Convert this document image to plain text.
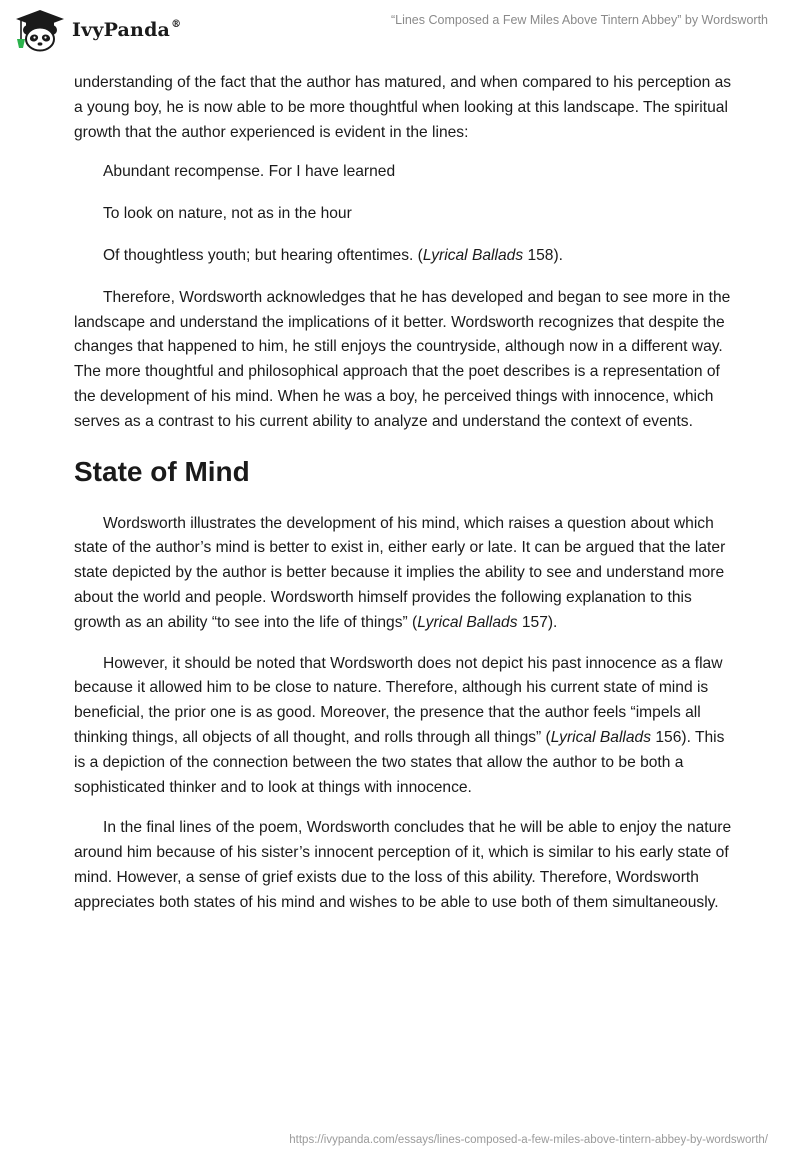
IvyPanda®	“Lines Composed a Few Miles Above Tintern Abbey” by Wordsworth

understanding of the fact that the author has matured, and when compared to his perception as a young boy, he is now able to be more thoughtful when looking at this landscape. The spiritual growth that the author experienced is evident in the lines:

Abundant recompense. For I have learned

To look on nature, not as in the hour

Of thoughtless youth; but hearing oftentimes. (Lyrical Ballads 158).

Therefore, Wordsworth acknowledges that he has developed and began to see more in the landscape and understand the implications of it better. Wordsworth recognizes that despite the changes that happened to him, he still enjoys the countryside, although now in a different way. The more thoughtful and philosophical approach that the poet describes is a representation of the development of his mind. When he was a boy, he perceived things with innocence, which serves as a contrast to his current ability to analyze and understand the context of events.

State of Mind

Wordsworth illustrates the development of his mind, which raises a question about which state of the author’s mind is better to exist in, either early or late. It can be argued that the later state depicted by the author is better because it implies the ability to see and understand more about the world and people. Wordsworth himself provides the following explanation to this growth as an ability “to see into the life of things” (Lyrical Ballads 157).

However, it should be noted that Wordsworth does not depict his past innocence as a flaw because it allowed him to be close to nature. Therefore, although his current state of mind is beneficial, the prior one is as good. Moreover, the presence that the author feels “impels all thinking things, all objects of all thought, and rolls through all things” (Lyrical Ballads 156). This is a depiction of the connection between the two states that allow the author to be both a sophisticated thinker and to look at things with innocence.

In the final lines of the poem, Wordsworth concludes that he will be able to enjoy the nature around him because of his sister’s innocent perception of it, which is similar to his early state of mind. However, a sense of grief exists due to the loss of this ability. Therefore, Wordsworth appreciates both states of his mind and wishes to be able to use both of them simultaneously.

https://ivypanda.com/essays/lines-composed-a-few-miles-above-tintern-abbey-by-wordsworth/
